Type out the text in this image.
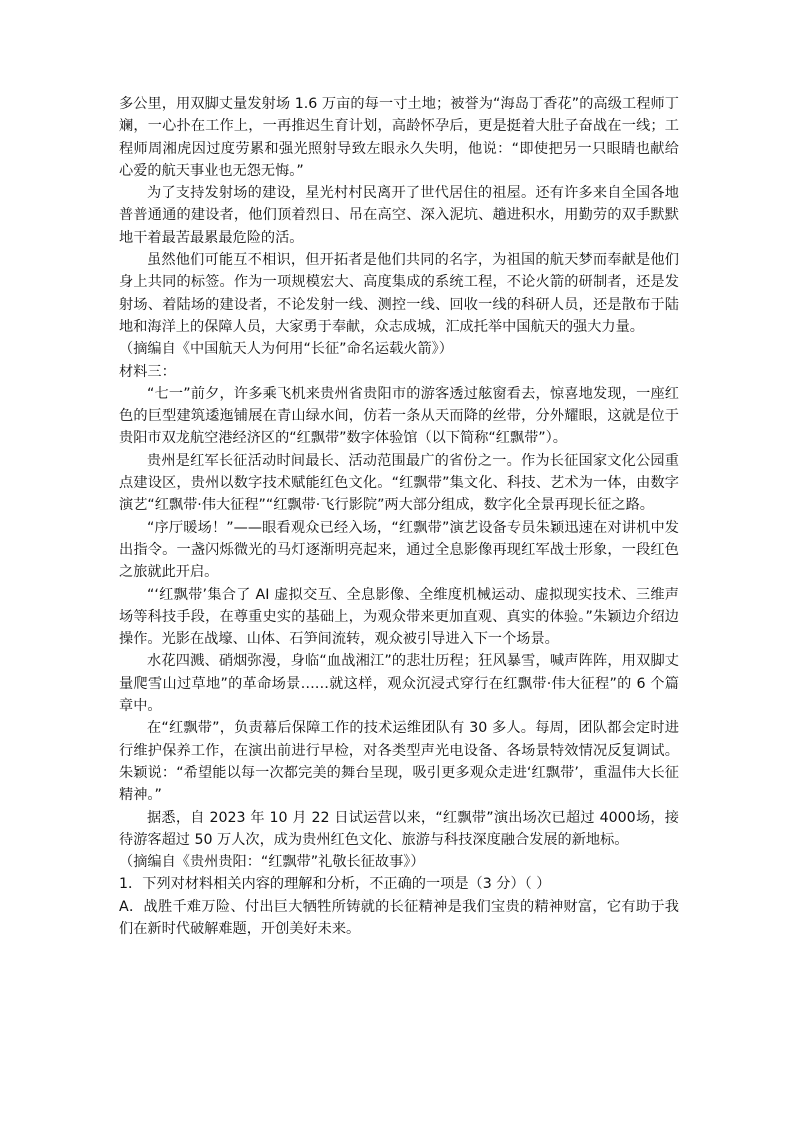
多公里，用双脚丈量发射场 1.6 万亩的每一寸土地；被誉为“海岛丁香花”的高级工程师丁斓，一心扑在工作上，一再推迟生育计划，高龄怀孕后，更是挺着大肚子奋战在一线；工程师周湘虎因过度劳累和强光照射导致左眼永久失明，他说：“即使把另一只眼睛也献给心爱的航天事业也无怨无悔。”

为了支持发射场的建设，星光村村民离开了世代居住的祖屋。还有许多来自全国各地普普通通的建设者，他们顶着烈日、吊在高空、深入泥坑、趟进积水，用勤劳的双手默默地干着最苦最累最危险的活。

虽然他们可能互不相识，但开拓者是他们共同的名字，为祖国的航天梦而奉献是他们身上共同的标签。作为一项规模宏大、高度集成的系统工程，不论火箭的研制者，还是发射场、着陆场的建设者，不论发射一线、测控一线、回收一线的科研人员，还是散布于陆地和海洋上的保障人员，大家勇于奉献，众志成城，汇成托举中国航天的强大力量。

（摘编自《中国航天人为何用“长征”命名运载火箭》）

材料三：

“七一”前夕，许多乘飞机来贵州省贵阳市的游客透过舷窗看去，惊喜地发现，一座红色的巨型建筑逶迤铺展在青山绿水间，仿若一条从天而降的丝带，分外耀眼，这就是位于贵阳市双龙航空港经济区的“红飘带”数字体验馆（以下简称“红飘带”）。

贵州是红军长征活动时间最长、活动范围最广的省份之一。作为长征国家文化公园重点建设区，贵州以数字技术赋能红色文化。“红飘带”集文化、科技、艺术为一体，由数字演艺“红飘带·伟大征程”“红飘带·飞行影院”两大部分组成，数字化全景再现长征之路。

“序厅暖场！”——眼看观众已经入场，“红飘带”演艺设备专员朱颖迅速在对讲机中发出指令。一盏闪烁微光的马灯逐渐明亮起来，通过全息影像再现红军战士形象，一段红色之旅就此开启。

“‘红飘带’集合了 AI 虚拟交互、全息影像、全维度机械运动、虚拟现实技术、三维声场等科技手段，在尊重史实的基础上，为观众带来更加直观、真实的体验。”朱颖边介绍边操作。光影在战壕、山体、石笋间流转，观众被引导进入下一个场景。

水花四溅、硝烟弥漫，身临“血战湘江”的悲壮历程；狂风暴雪，喊声阵阵，用双脚丈量爬雪山过草地”的革命场景……就这样，观众沉浸式穿行在红飘带·伟大征程”的 6 个篇章中。

在“红飘带”，负责幕后保障工作的技术运维团队有 30 多人。每周，团队都会定时进行维护保养工作，在演出前进行早检，对各类型声光电设备、各场景特效情况反复调试。朱颖说：“希望能以每一次都完美的舞台呈现，吸引更多观众走进‘红飘带’，重温伟大长征精神。”

据悉，自 2023 年 10 月 22 日试运营以来，“红飘带”演出场次已超过 4000场，接待游客超过 50 万人次，成为贵州红色文化、旅游与科技深度融合发展的新地标。

（摘编自《贵州贵阳：“红飘带”礼敬长征故事》）

1．下列对材料相关内容的理解和分析，不正确的一项是（3 分）（ ）

A．战胜千难万险、付出巨大牺牲所铸就的长征精神是我们宝贵的精神财富，它有助于我们在新时代破解难题，开创美好未来。
